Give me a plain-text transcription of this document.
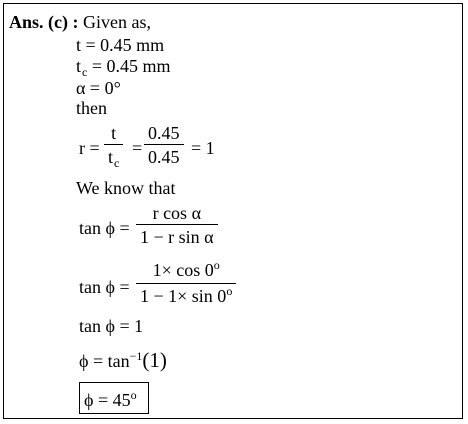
Ans. (c) : Given as,
t = 0.45 mm
$t_c = 0.45$ mm
α = 0°
then
$r = \frac{t}{t_c} = \frac{0.45}{0.45} = 1$
We know that
$\tan \phi = \frac{\text{r cos α}}{\text{1 − r sin α}}$
$\tan \phi = \frac{1\times \cos 0^o}{1 - 1\times \sin 0^o}$
tan ϕ = 1
$\phi = \tan^{-1}(1)$
$\phi = 45^o$
